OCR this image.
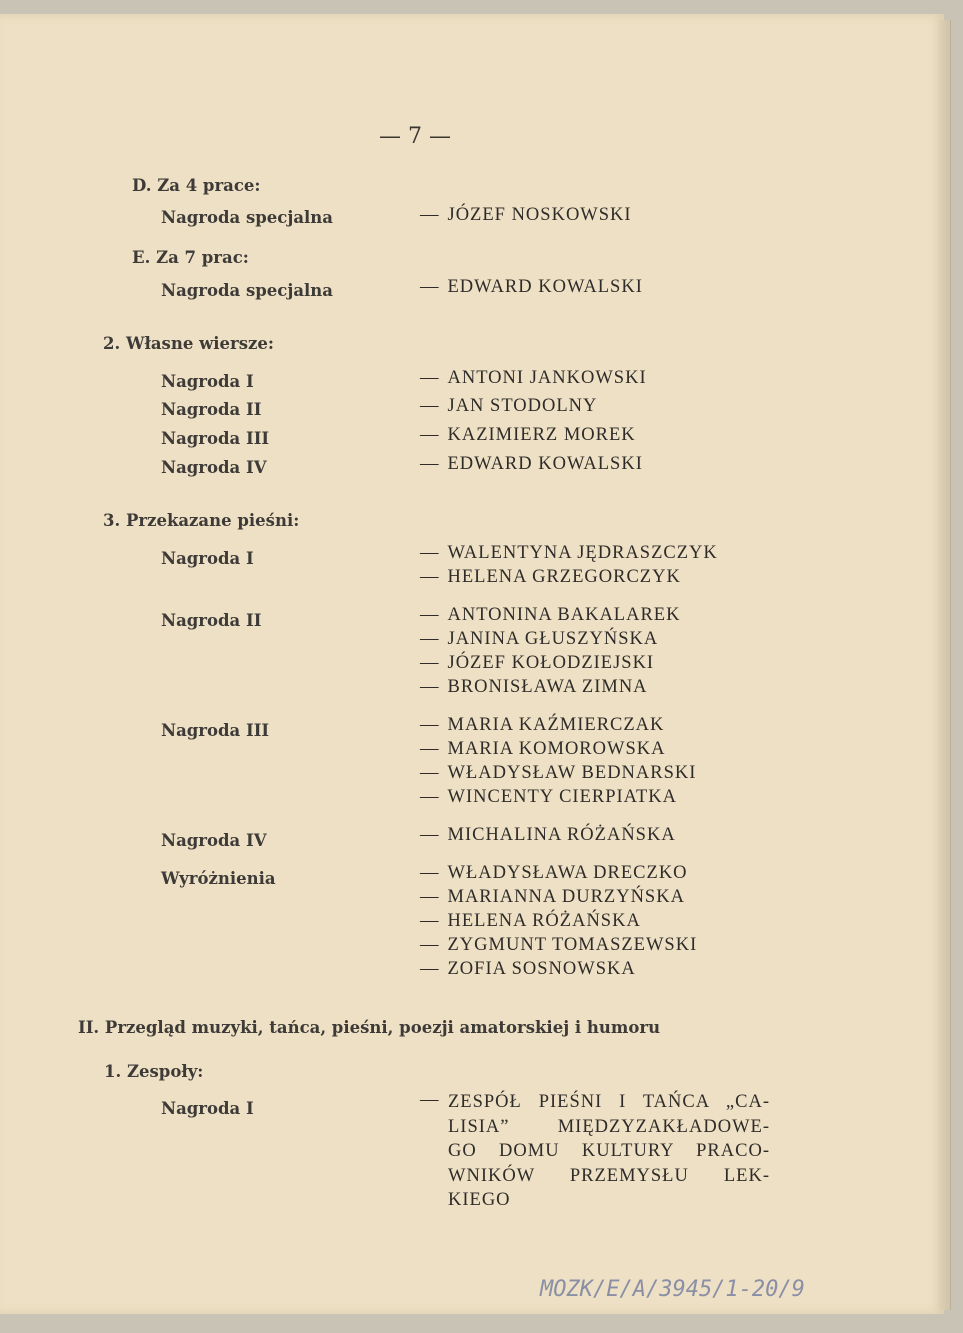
— 7 —
D. Za 4 prace:
Nagroda specjalna	— JÓZEF NOSKOWSKI
E. Za 7 prac:
Nagroda specjalna	— EDWARD KOWALSKI
2. Własne wiersze:
Nagroda I	— ANTONI JANKOWSKI
Nagroda II	— JAN STODOLNY
Nagroda III	— KAZIMIERZ MOREK
Nagroda IV	— EDWARD KOWALSKI
3. Przekazane pieśni:
Nagroda I	— WALENTYNA JĘDRASZCZYK
— HELENA GRZEGORCZYK
Nagroda II	— ANTONINA BAKALAREK
— JANINA GŁUSZYŃSKA
— JÓZEF KOŁODZIEJSKI
— BRONISŁAWA ZIMNA
Nagroda III	— MARIA KAŹMIERCZAK
— MARIA KOMOROWSKA
— WŁADYSŁAW BEDNARSKI
— WINCENTY CIERPIATKA
Nagroda IV	— MICHALINA RÓŻAŃSKA
Wyróżnienia	— WŁADYSŁAWA DRECZKO
— MARIANNA DURZYŃSKA
— HELENA RÓŻAŃSKA
— ZYGMUNT TOMASZEWSKI
— ZOFIA SOSNOWSKA
II. Przegląd muzyki, tańca, pieśni, poezji amatorskiej i humoru
1. Zespoły:
Nagroda I	— ZESPÓŁ PIEŚNI I TAŃCA „CA-
LISIA” MIĘDZYZAKŁADOWE-
GO DOMU KULTURY PRACO-
WNIKÓW PRZEMYSŁU LEK-
KIEGO
MOZK/E/A/3945/1-20/9
